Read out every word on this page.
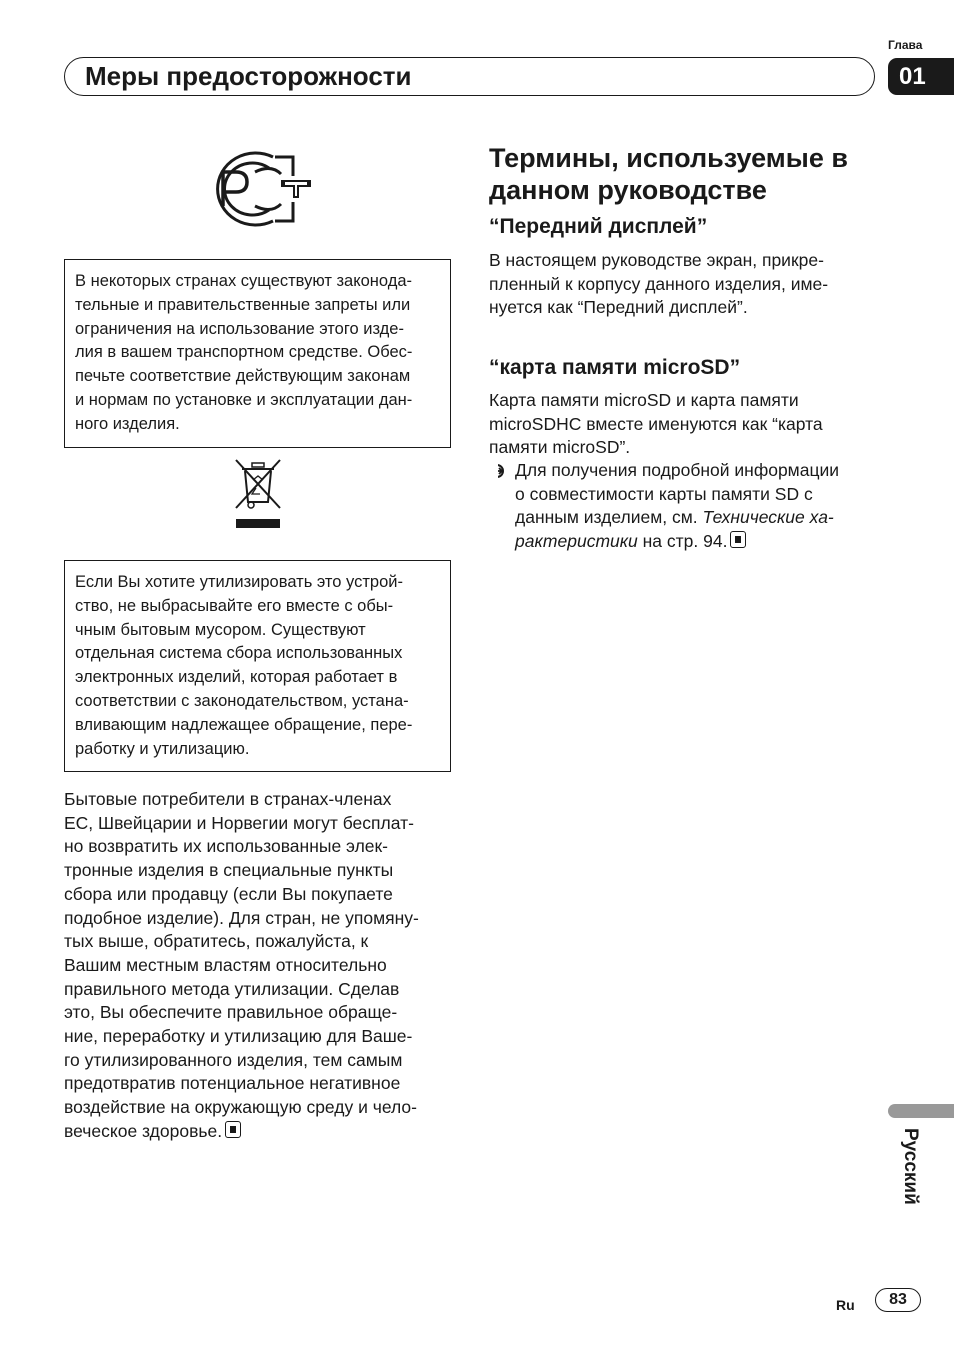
Глава
01
Меры предосторожности
В некоторых странах существуют законода-
тельные и правительственные запреты или
ограничения на использование этого изде-
лия в вашем транспортном средстве. Обес-
печьте соответствие действующим законам
и нормам по установке и эксплуатации дан-
ного изделия.
Если Вы хотите утилизировать это устрой-
ство, не выбрасывайте его вместе с обы-
чным бытовым мусором. Существуют
отдельная система сбора использованных
электронных изделий, которая работает в
соответствии с законодательством, устана-
вливающим надлежащее обращение, пере-
работку и утилизацию.

Бытовые потребители в странах-членах
ЕС, Швейцарии и Норвегии могут бесплат-
но возвратить их использованные элек-
тронные изделия в специальные пункты
сбора или продавцу (если Вы покупаете
подобное изделие). Для стран, не упомяну-
тых выше, обратитесь, пожалуйста, к
Вашим местным властям относительно
правильного метода утилизации. Сделав
это, Вы обеспечите правильное обраще-
ние, переработку и утилизацию для Ваше-
го утилизированного изделия, тем самым
предотвратив потенциальное негативное
воздействие на окружающую среду и чело-
веческое здоровье.

Термины, используемые в
данном руководстве
“Передний дисплей”

В настоящем руководстве экран, прикре-
пленный к корпусу данного изделия, име-
нуется как “Передний дисплей”.

“карта памяти microSD”

Карта памяти microSD и карта памяти
microSDHC вместе именуются как “карта
памяти microSD”.

Для получения подробной информации
о совместимости карты памяти SD с
данным изделием, см. Технические ха-
рактеристики на стр. 94.
Русский
Ru	83
